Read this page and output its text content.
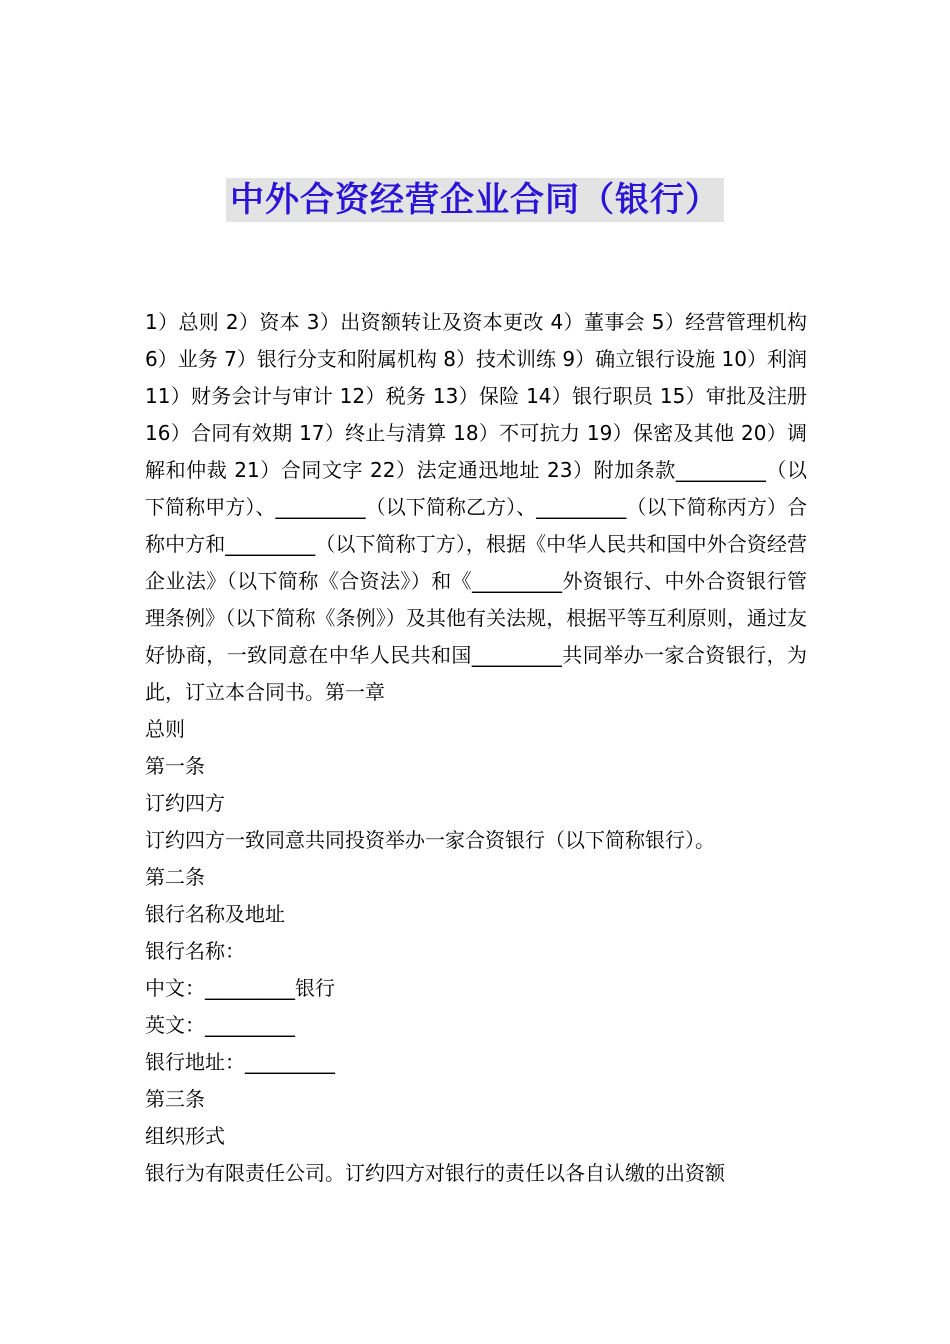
中外合资经营企业合同（银行）

1）总则 2）资本 3）出资额转让及资本更改 4）董事会 5）经营管理机构 6）业务 7）银行分支和附属机构 8）技术训练 9）确立银行设施 10）利润 11）财务会计与审计 12）税务 13）保险 14）银行职员 15）审批及注册 16）合同有效期 17）终止与清算 18）不可抗力 19）保密及其他 20）调解和仲裁 21）合同文字 22）法定通迅地址 23）附加条款_________（以下简称甲方）、_________（以下简称乙方）、_________（以下简称丙方）合称中方和_________（以下简称丁方），根据《中华人民共和国中外合资经营企业法》（以下简称《合资法》）和《_________外资银行、中外合资银行管理条例》（以下简称《条例》）及其他有关法规，根据平等互利原则，通过友好协商，一致同意在中华人民共和国_________共同举办一家合资银行，为此，订立本合同书。第一章

总则

第一条

订约四方

订约四方一致同意共同投资举办一家合资银行（以下简称银行）。

第二条

银行名称及地址

银行名称：

中文：_________银行

英文：_________

银行地址：_________

第三条

组织形式

银行为有限责任公司。订约四方对银行的责任以各自认缴的出资额
